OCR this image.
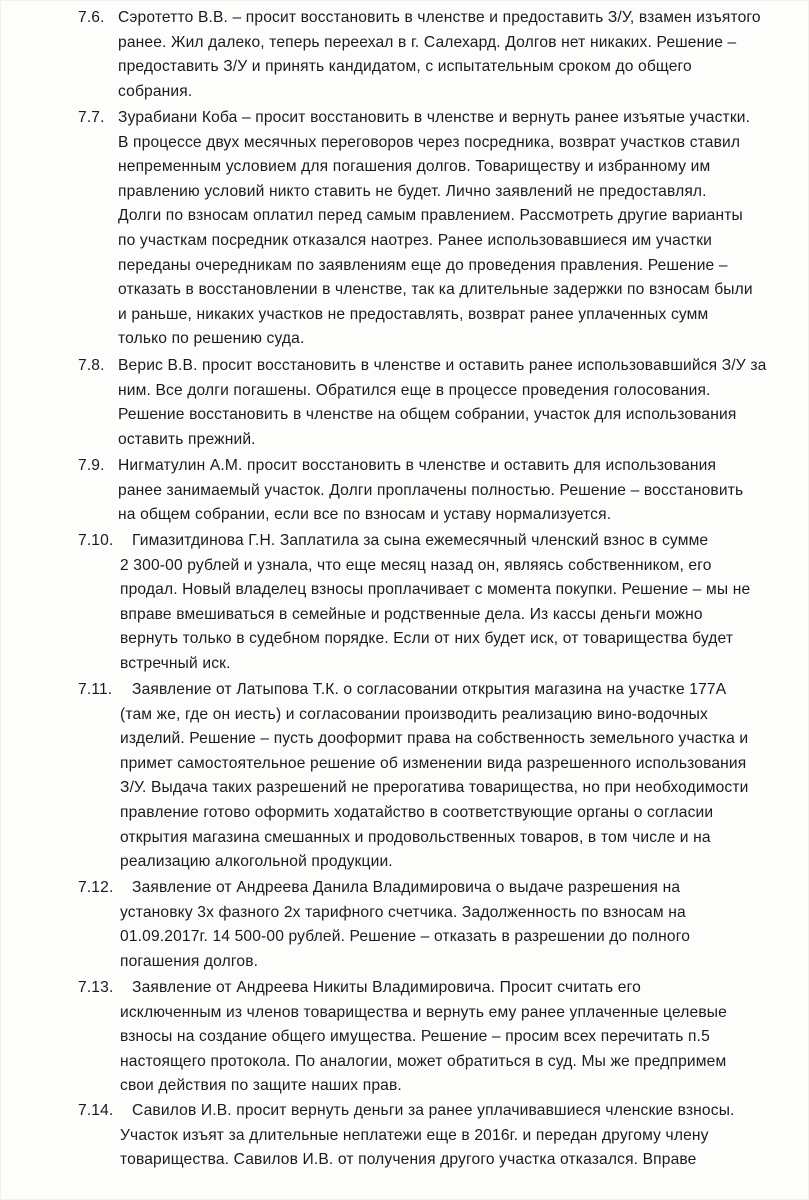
7.6. Сэротетто В.В. – просит восстановить в членстве и предоставить З/У, взамен изъятого
ранее. Жил далеко, теперь переехал в г. Салехард. Долгов нет никаких. Решение –
предоставить З/У и принять кандидатом, с испытательным сроком до общего
собрания.
7.7. Зурабиани Коба – просит восстановить в членстве и вернуть ранее изъятые участки.
В процессе двух месячных переговоров через посредника, возврат участков ставил
непременным условием для погашения долгов. Товариществу и избранному им
правлению условий никто ставить не будет. Лично заявлений не предоставлял.
Долги по взносам оплатил перед самым правлением. Рассмотреть другие варианты
по участкам посредник отказался наотрез. Ранее использовавшиеся им участки
переданы очередникам по заявлениям еще до проведения правления. Решение –
отказать в восстановлении в членстве, так ка длительные задержки по взносам были
и раньше, никаких участков не предоставлять, возврат ранее уплаченных сумм
только по решению суда.
7.8. Верис В.В. просит восстановить в членстве и оставить ранее использовавшийся З/У за
ним. Все долги погашены. Обратился еще в процессе проведения голосования.
Решение восстановить в членстве на общем собрании, участок для использования
оставить прежний.
7.9. Нигматулин А.М. просит восстановить в членстве и оставить для использования
ранее занимаемый участок. Долги проплачены полностью. Решение – восстановить
на общем собрании, если все по взносам и уставу нормализуется.
7.10. Гимазитдинова Г.Н. Заплатила за сына ежемесячный членский взнос в сумме
2 300-00 рублей и узнала, что еще месяц назад он, являясь собственником, его
продал. Новый владелец взносы проплачивает с момента покупки. Решение – мы не
вправе вмешиваться в семейные и родственные дела. Из кассы деньги можно
вернуть только в судебном порядке. Если от них будет иск, от товарищества будет
встречный иск.
7.11. Заявление от Латыпова Т.К. о согласовании открытия магазина на участке 177А
(там же, где он иесть) и согласовании производить реализацию вино-водочных
изделий. Решение – пусть дооформит права на собственность земельного участка и
примет самостоятельное решение об изменении вида разрешенного использования
З/У. Выдача таких разрешений не прерогатива товарищества, но при необходимости
правление готово оформить ходатайство в соответствующие органы о согласии
открытия магазина смешанных и продовольственных товаров, в том числе и на
реализацию алкогольной продукции.
7.12. Заявление от Андреева Данила Владимировича о выдаче разрешения на
установку 3х фазного 2х тарифного счетчика. Задолженность по взносам на
01.09.2017г. 14 500-00 рублей. Решение – отказать в разрешении до полного
погашения долгов.
7.13. Заявление от Андреева Никиты Владимировича. Просит считать его
исключенным из членов товарищества и вернуть ему ранее уплаченные целевые
взносы на создание общего имущества. Решение – просим всех перечитать п.5
настоящего протокола. По аналогии, может обратиться в суд. Мы же предпримем
свои действия по защите наших прав.
7.14. Савилов И.В. просит вернуть деньги за ранее уплачивавшиеся членские взносы.
Участок изъят за длительные неплатежи еще в 2016г. и передан другому члену
товарищества. Савилов И.В. от получения другого участка отказался. Вправе
